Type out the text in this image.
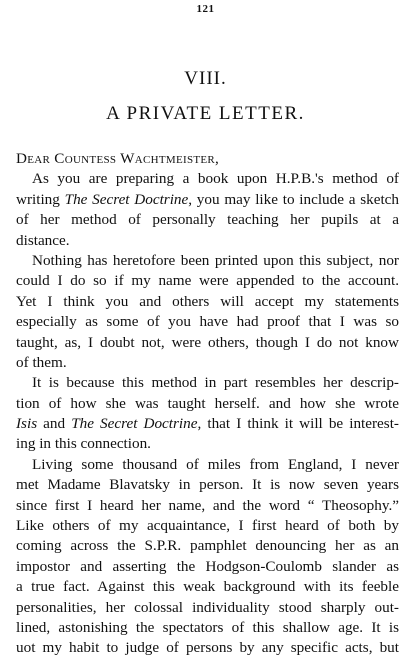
121
VIII.
A PRIVATE LETTER.
Dear Countess Wachtmeister,
As you are preparing a book upon H.P.B.'s method of
writing The Secret Doctrine, you may like to include a sketch
of her method of personally teaching her pupils at a
distance.
Nothing has heretofore been printed upon this subject, nor
could I do so if my name were appended to the account.
Yet I think you and others will accept my statements
especially as some of you have had proof that I was so
taught, as, I doubt not, were others, though I do not know
of them.
It is because this method in part resembles her descrip-
tion of how she was taught herself. and how she wrote
Isis and The Secret Doctrine, that I think it will be interest-
ing in this connection.
Living some thousand of miles from England, I never
met Madame Blavatsky in person. It is now seven years
since first I heard her name, and the word “ Theosophy.”
Like others of my acquaintance, I first heard of both by
coming across the S.P.R. pamphlet denouncing her as an
impostor and asserting the Hodgson-Coulomb slander as
a true fact. Against this weak background with its feeble
personalities, her colossal individuality stood sharply out-
lined, astonishing the spectators of this shallow age. It is
uot my habit to judge of persons by any specific acts, but
